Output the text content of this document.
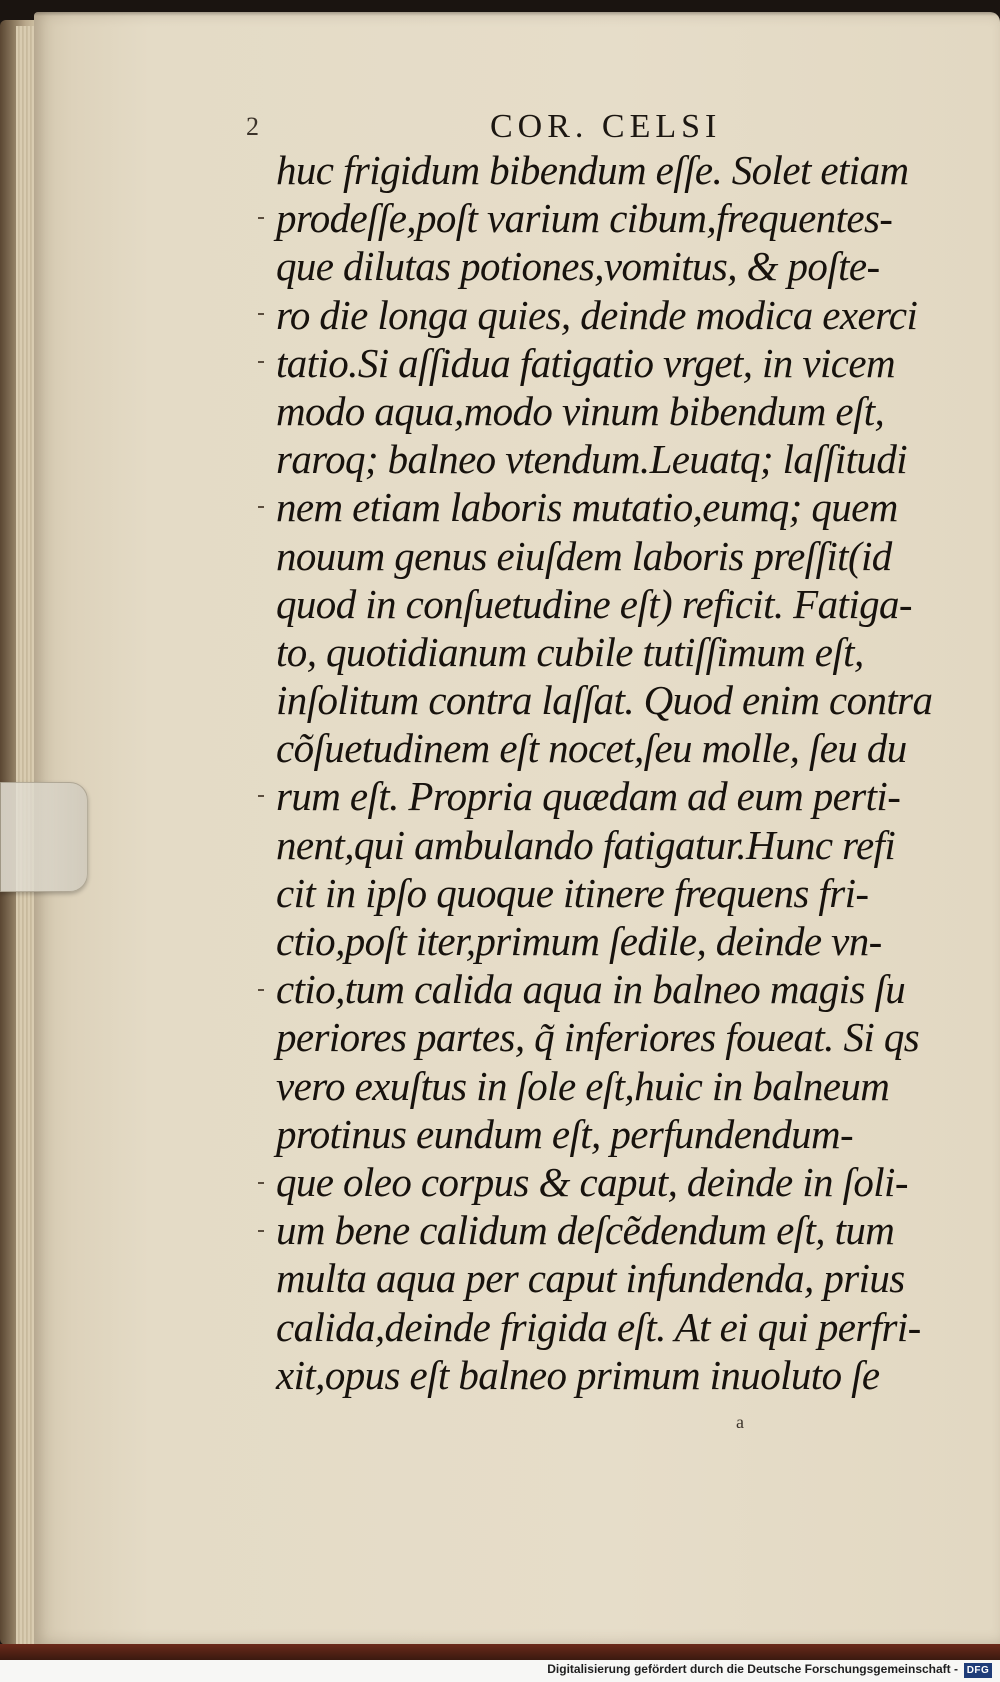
2	COR. CELSI
huc frigidum bibendum eſſe. Solet etiam
prodeſſe,poſt varium cibum,frequentes-
que dilutas potiones,vomitus, & poſte-
ro die longa quies, deinde modica exerci
tatio.Si aſſidua fatigatio vrget, in vicem
modo aqua,modo vinum bibendum eſt,
raroq; balneo vtendum.Leuatq; laſſitudi
nem etiam laboris mutatio,eumq; quem
nouum genus eiuſdem laboris preſſit(id
quod in conſuetudine eſt) reficit. Fatiga-
to, quotidianum cubile tutiſſimum eſt,
inſolitum contra laſſat. Quod enim contra
cõſuetudinem eſt nocet,ſeu molle, ſeu du
rum eſt. Propria quædam ad eum perti-
nent,qui ambulando fatigatur.Hunc refi
cit in ipſo quoque itinere frequens fri-
ctio,poſt iter,primum ſedile, deinde vn-
ctio,tum calida aqua in balneo magis ſu
periores partes, q̃ inferiores foueat. Si qs
vero exuſtus in ſole eſt,huic in balneum
protinus eundum eſt, perfundendum-
que oleo corpus & caput, deinde in ſoli-
um bene calidum deſcẽdendum eſt, tum
multa aqua per caput infundenda, prius
calida,deinde frigida eſt. At ei qui perfri-
xit,opus eſt balneo primum inuoluto ſe
a
Digitalisierung gefördert durch die Deutsche Forschungsgemeinschaft - DFG
